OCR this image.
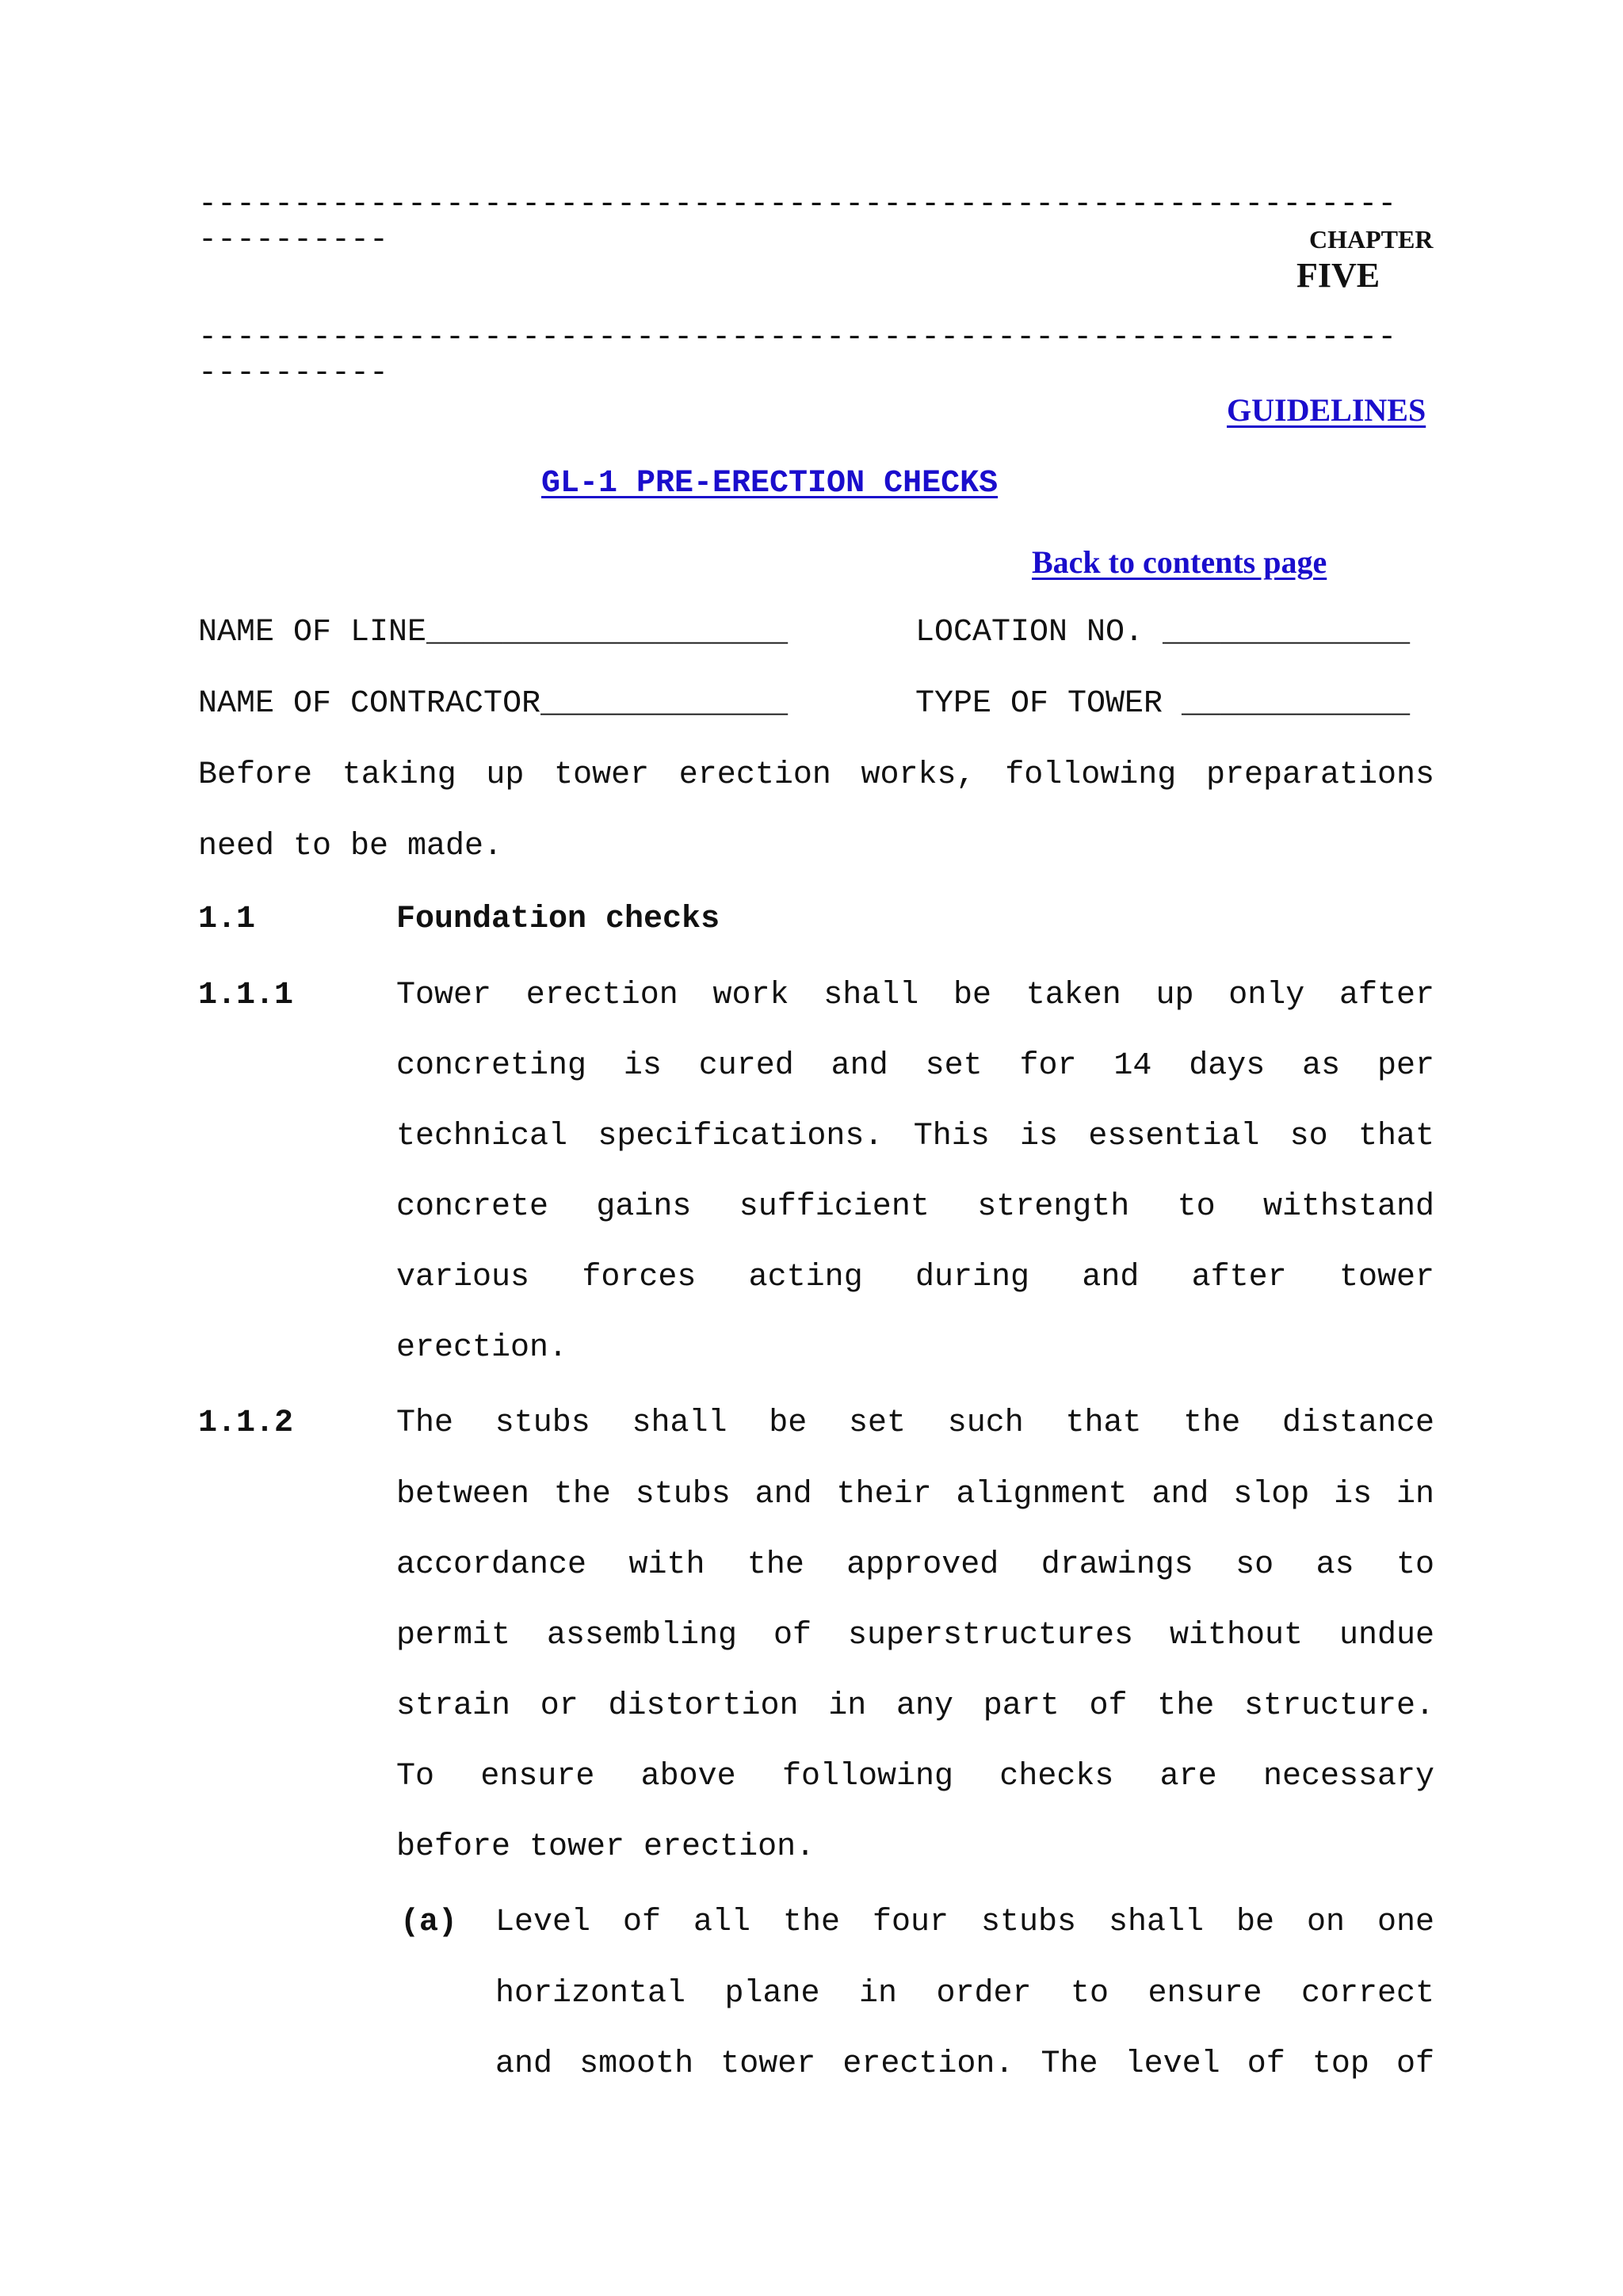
-------------------------------------------------------------------------	CHAPTER
FIVE
-------------------------------------------------------------------------
GUIDELINES
GL-1 PRE-ERECTION CHECKS
Back to contents page
NAME OF LINE___________________	LOCATION NO. _____________
NAME OF CONTRACTOR_____________	TYPE OF TOWER ____________
Before taking up tower erection works, following preparations
need to be made.
1.1	Foundation checks
1.1.1	Tower erection work shall be taken up only after
concreting is cured and set for 14 days as per
technical specifications. This is essential so that
concrete gains sufficient strength to withstand
various forces acting during and after tower
erection.
1.1.2	The stubs shall be set such that the distance
between the stubs and their alignment and slop is in
accordance with the approved drawings so as to
permit assembling of superstructures without undue
strain or distortion in any part of the structure.
To ensure above following checks are necessary
before tower erection.
(a) Level of all the four stubs shall be on one
horizontal plane in order to ensure correct
and smooth tower erection. The level of top of
